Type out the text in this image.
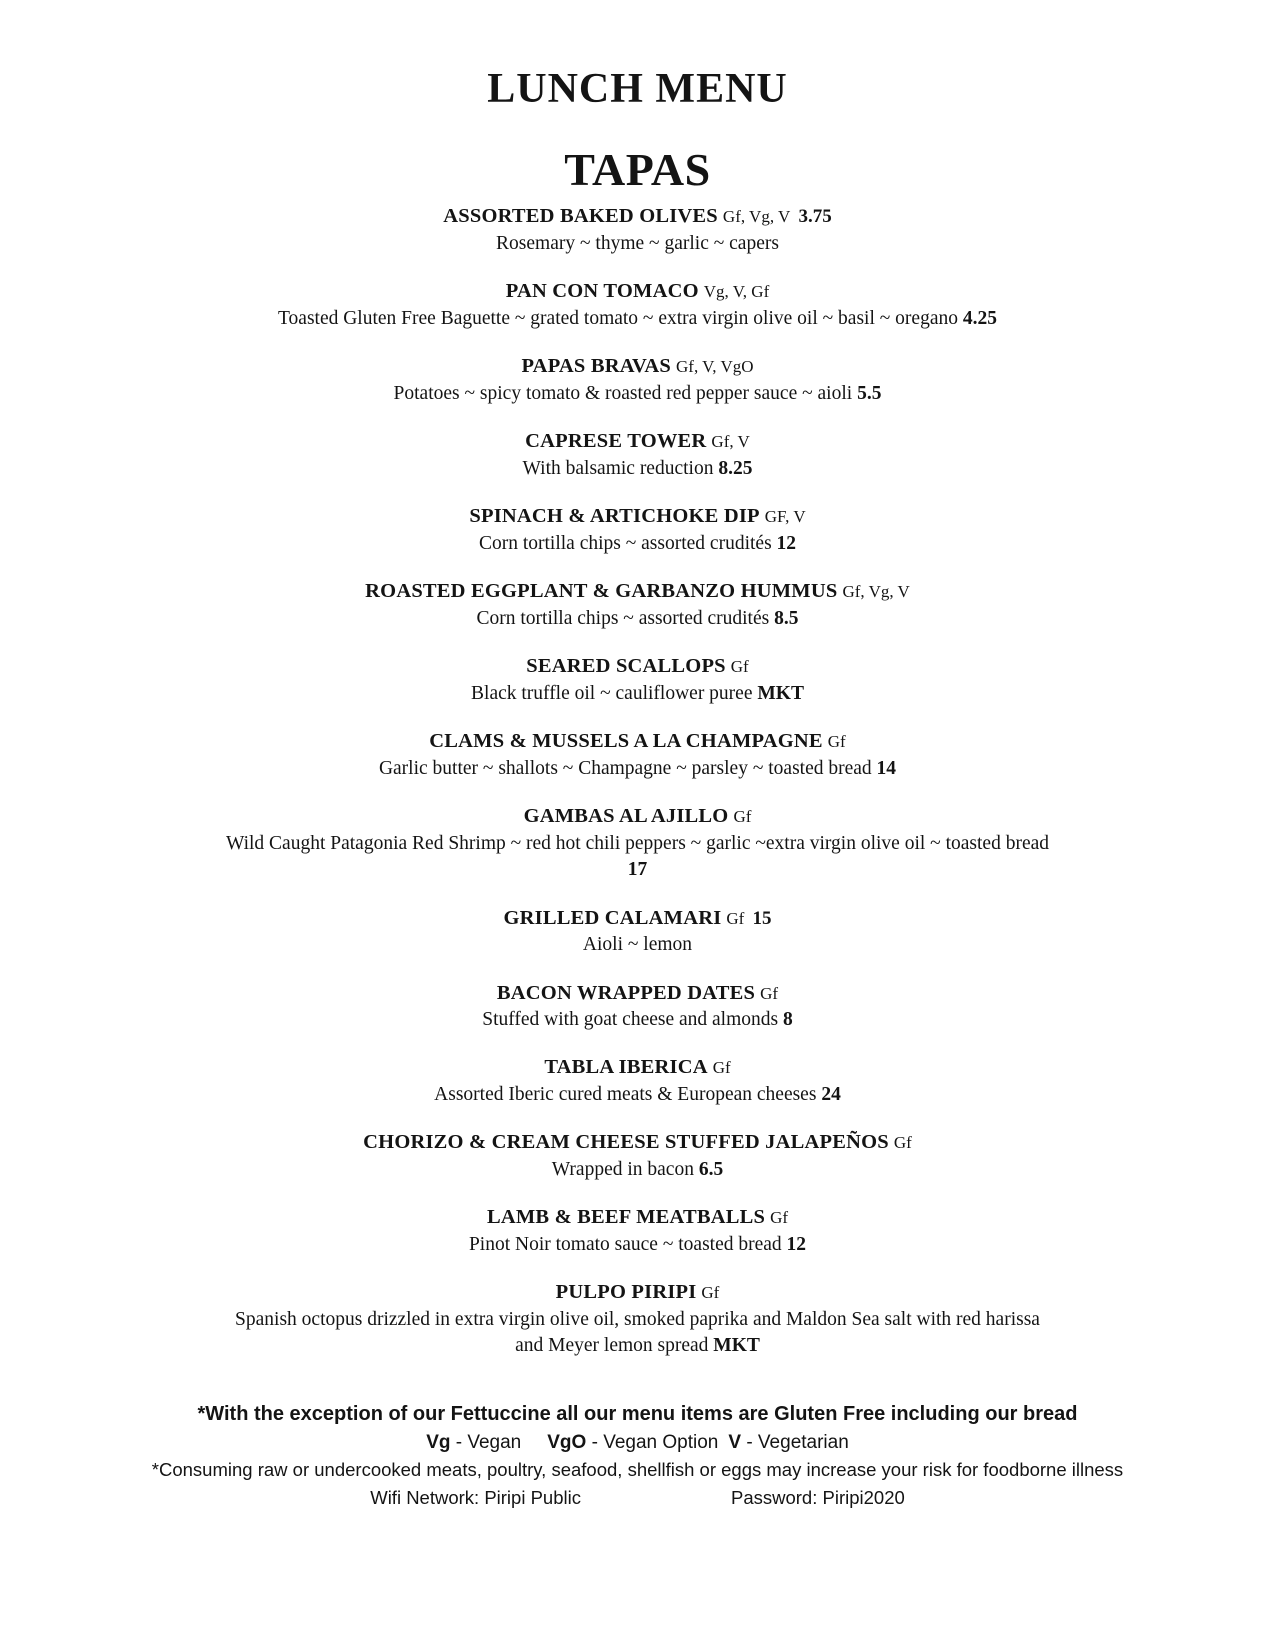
LUNCH MENU
TAPAS
ASSORTED BAKED OLIVES Gf, Vg, V 3.75
Rosemary ~ thyme ~ garlic ~ capers
PAN CON TOMACO Vg, V, Gf
Toasted Gluten Free Baguette ~ grated tomato ~ extra virgin olive oil ~ basil ~ oregano 4.25
PAPAS BRAVAS Gf, V, VgO
Potatoes ~ spicy tomato & roasted red pepper sauce ~ aioli 5.5
CAPRESE TOWER Gf, V
With balsamic reduction 8.25
SPINACH & ARTICHOKE DIP GF, V
Corn tortilla chips ~ assorted crudités 12
ROASTED EGGPLANT & GARBANZO HUMMUS Gf, Vg, V
Corn tortilla chips ~ assorted crudités 8.5
SEARED SCALLOPS Gf
Black truffle oil ~ cauliflower puree MKT
CLAMS & MUSSELS A LA CHAMPAGNE Gf
Garlic butter ~ shallots ~ Champagne ~ parsley ~ toasted bread 14
GAMBAS AL AJILLO Gf
Wild Caught Patagonia Red Shrimp ~ red hot chili peppers ~ garlic ~extra virgin olive oil ~ toasted bread
17
GRILLED CALAMARI Gf 15
Aioli ~ lemon
BACON WRAPPED DATES Gf
Stuffed with goat cheese and almonds 8
TABLA IBERICA Gf
Assorted Iberic cured meats & European cheeses 24
CHORIZO & CREAM CHEESE STUFFED JALAPEÑOS Gf
Wrapped in bacon 6.5
LAMB & BEEF MEATBALLS Gf
Pinot Noir tomato sauce ~ toasted bread 12
PULPO PIRIPI Gf
Spanish octopus drizzled in extra virgin olive oil, smoked paprika and Maldon Sea salt with red harissa
and Meyer lemon spread MKT

*With the exception of our Fettuccine all our menu items are Gluten Free including our bread

Vg - Vegan VgO - Vegan Option V - Vegetarian

*Consuming raw or undercooked meats, poultry, seafood, shellfish or eggs may increase your risk for foodborne illness

Wifi Network: Piripi Public	Password: Piripi2020
